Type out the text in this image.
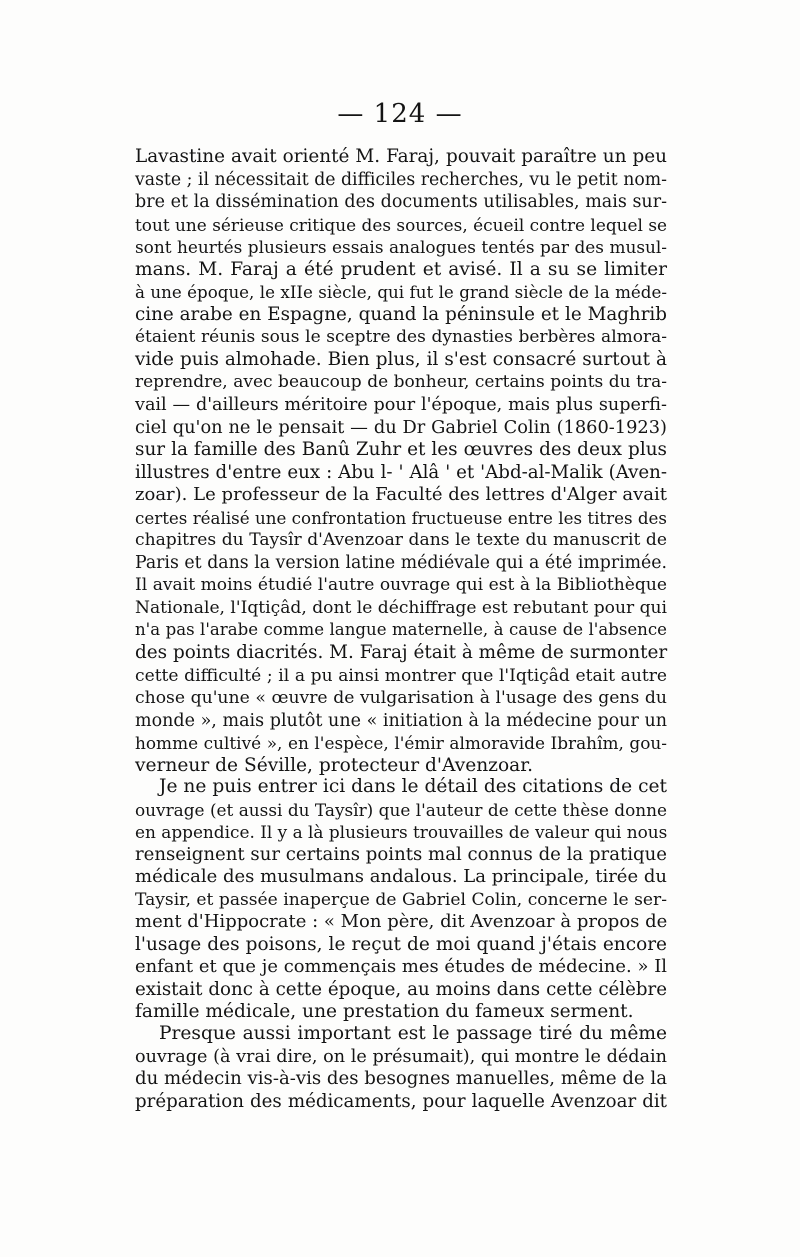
— 124 —
Lavastine avait orienté M. Faraj, pouvait paraître un peu
vaste ; il nécessitait de difficiles recherches, vu le petit nom-
bre et la dissémination des documents utilisables, mais sur-
tout une sérieuse critique des sources, écueil contre lequel se
sont heurtés plusieurs essais analogues tentés par des musul-
mans. M. Faraj a été prudent et avisé. Il a su se limiter
à une époque, le xIIe siècle, qui fut le grand siècle de la méde-
cine arabe en Espagne, quand la péninsule et le Maghrib
étaient réunis sous le sceptre des dynasties berbères almora-
vide puis almohade. Bien plus, il s'est consacré surtout à
reprendre, avec beaucoup de bonheur, certains points du tra-
vail — d'ailleurs méritoire pour l'époque, mais plus superfi-
ciel qu'on ne le pensait — du Dr Gabriel Colin (1860-1923)
sur la famille des Banû Zuhr et les œuvres des deux plus
illustres d'entre eux : Abu l- ' Alâ ' et 'Abd-al-Malik (Aven-
zoar). Le professeur de la Faculté des lettres d'Alger avait
certes réalisé une confrontation fructueuse entre les titres des
chapitres du Taysîr d'Avenzoar dans le texte du manuscrit de
Paris et dans la version latine médiévale qui a été imprimée.
Il avait moins étudié l'autre ouvrage qui est à la Bibliothèque
Nationale, l'Iqtiçâd, dont le déchiffrage est rebutant pour qui
n'a pas l'arabe comme langue maternelle, à cause de l'absence
des points diacrités. M. Faraj était à même de surmonter
cette difficulté ; il a pu ainsi montrer que l'Iqtiçâd etait autre
chose qu'une « œuvre de vulgarisation à l'usage des gens du
monde », mais plutôt une « initiation à la médecine pour un
homme cultivé », en l'espèce, l'émir almoravide Ibrahîm, gou-
verneur de Séville, protecteur d'Avenzoar.
Je ne puis entrer ici dans le détail des citations de cet
ouvrage (et aussi du Taysîr) que l'auteur de cette thèse donne
en appendice. Il y a là plusieurs trouvailles de valeur qui nous
renseignent sur certains points mal connus de la pratique
médicale des musulmans andalous. La principale, tirée du
Taysir, et passée inaperçue de Gabriel Colin, concerne le ser-
ment d'Hippocrate : « Mon père, dit Avenzoar à propos de
l'usage des poisons, le reçut de moi quand j'étais encore
enfant et que je commençais mes études de médecine. » Il
existait donc à cette époque, au moins dans cette célèbre
famille médicale, une prestation du fameux serment.
Presque aussi important est le passage tiré du même
ouvrage (à vrai dire, on le présumait), qui montre le dédain
du médecin vis-à-vis des besognes manuelles, même de la
préparation des médicaments, pour laquelle Avenzoar dit
